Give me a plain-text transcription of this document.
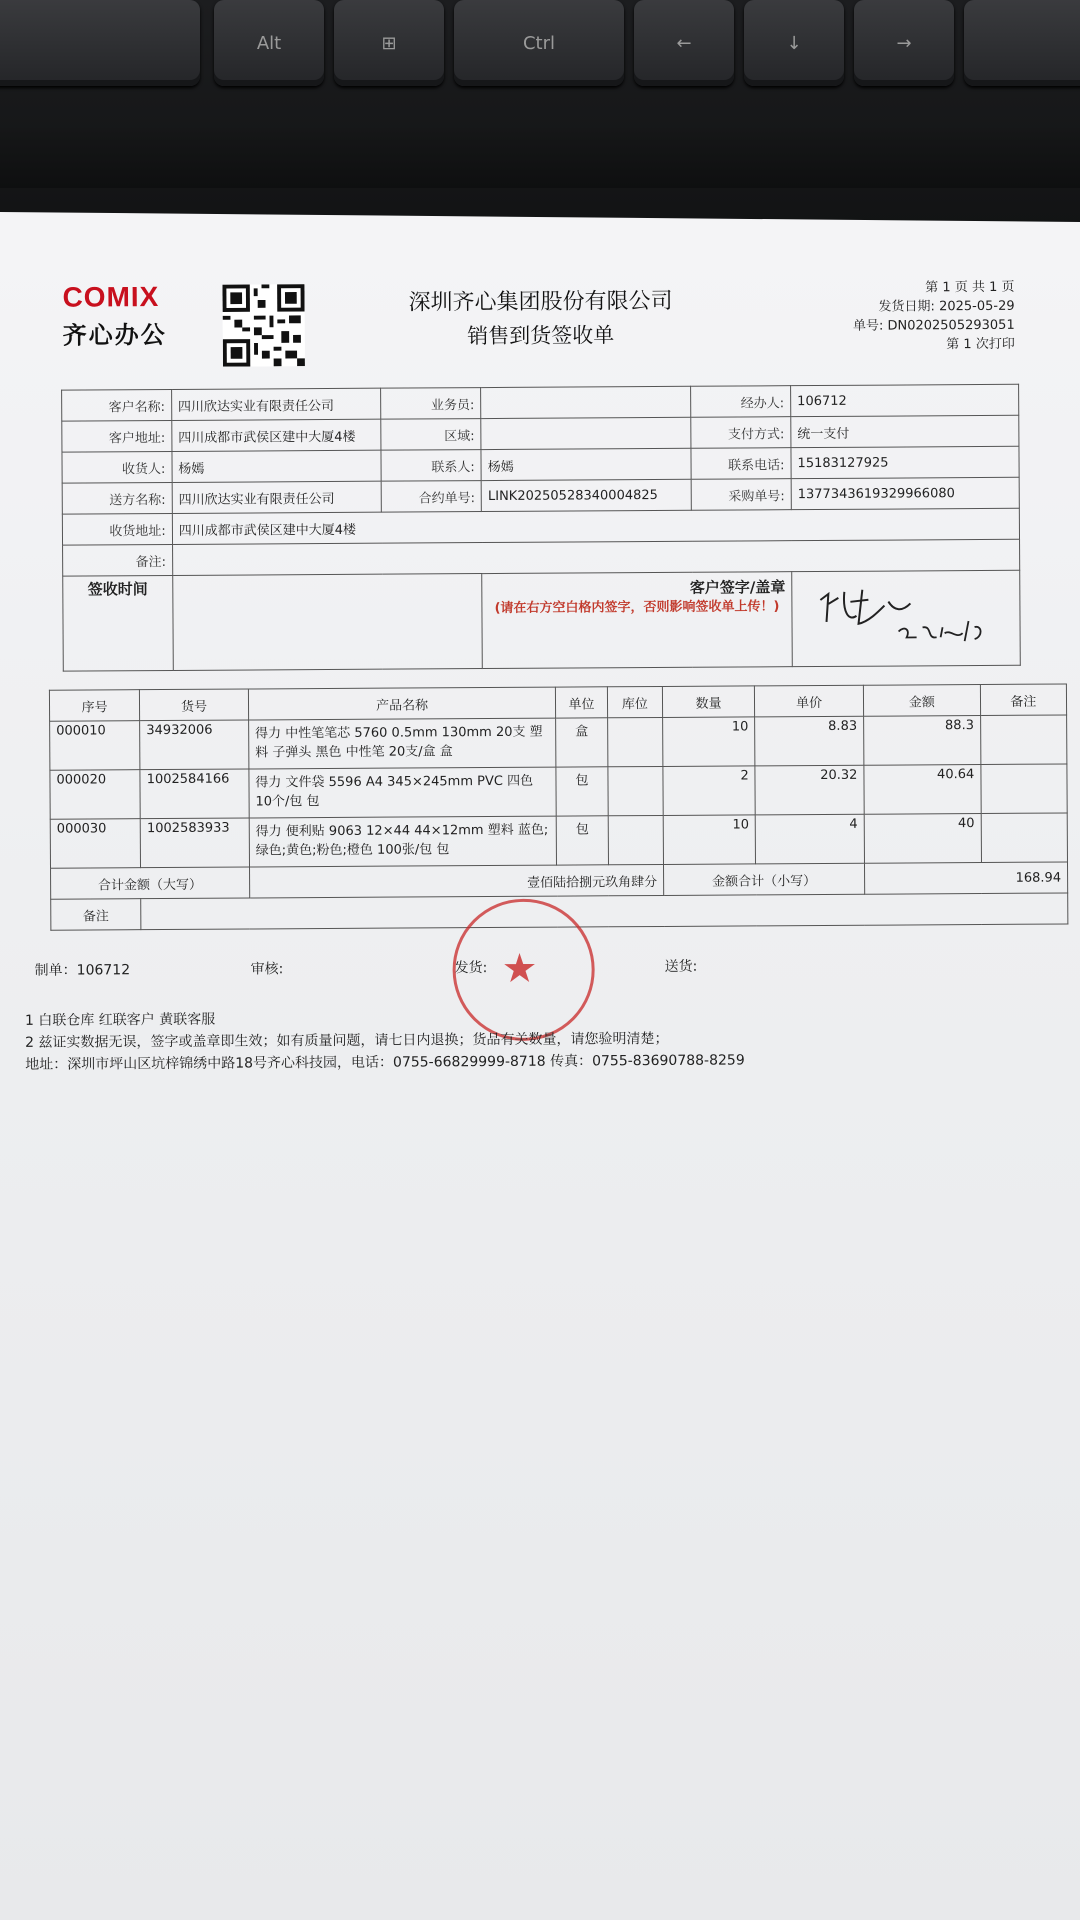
Alt	⊞	Ctrl	←	↓	→
COMIX
齐心办公
深圳齐心集团股份有限公司
销售到货签收单
第 1 页 共 1 页
发货日期: 2025-05-29
单号: DN0202505293051
第 1 次打印
客户名称:	四川欣达实业有限责任公司	业务员:		经办人:	106712
客户地址:	四川成都市武侯区建中大厦4楼	区域:		支付方式:	统一支付
收货人:	杨嫣	联系人:	杨嫣	联系电话:	15183127925
送方名称:	四川欣达实业有限责任公司	合约单号:	LINK20250528340004825	采购单号:	1377343619329966080
收货地址:	四川成都市武侯区建中大厦4楼				
备注:					
签收时间			客户签字/盖章
(请在右方空白格内签字，否则影响签收单上传！)

序号	货号	产品名称	单位	库位	数量	单价	金额	备注
000010	34932006	得力 中性笔笔芯 5760 0.5mm 130mm 20支 塑料 子弹头 黑色 中性笔 20支/盒 盒	盒		10	8.83	88.3	
000020	1002584166	得力 文件袋 5596 A4 345×245mm PVC 四色 10个/包 包	包		2	20.32	40.64	
000030	1002583933	得力 便利贴 9063 12×44 44×12mm 塑料 蓝色;绿色;黄色;粉色;橙色 100张/包 包	包		10	4	40	
合计金额（大写）		壹佰陆拾捌元玖角肆分			金额合计（小写）		168.94	
备注								
★
制单：106712	审核:	发货:	送货:
1 白联仓库 红联客户 黄联客服
2 兹证实数据无误，签字或盖章即生效；如有质量问题，请七日内退换；货品有关数量，请您验明清楚；
地址：深圳市坪山区坑梓锦绣中路18号齐心科技园，电话：0755-66829999-8718 传真：0755-83690788-8259
